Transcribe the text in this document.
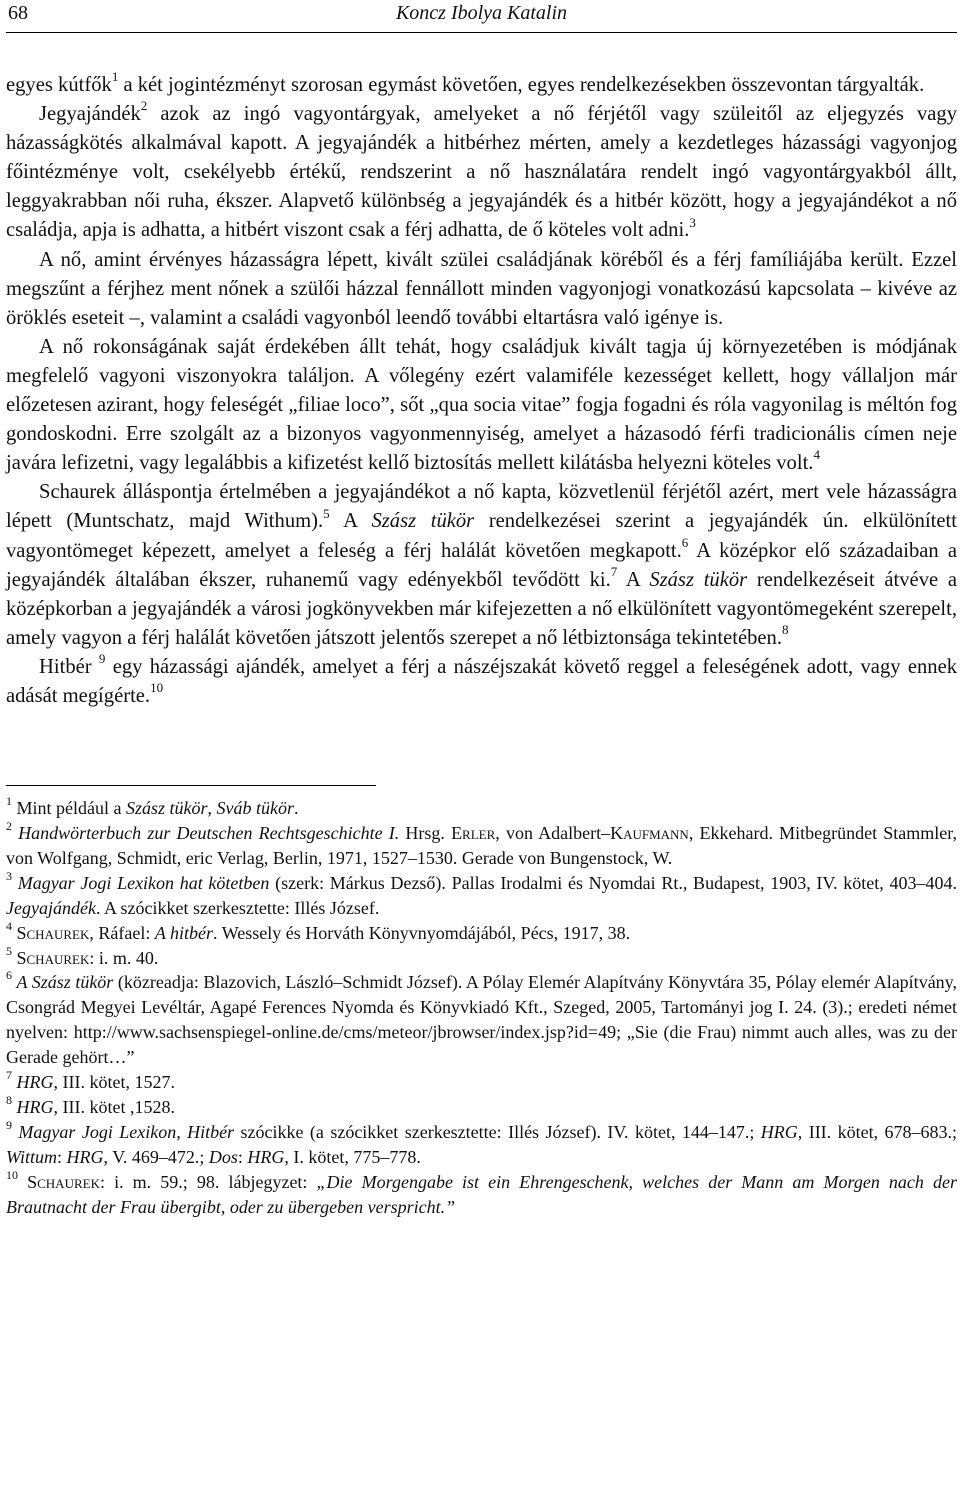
68	Koncz Ibolya Katalin

egyes kútfők$^1$ a két jogintézményt szorosan egymást követően, egyes rendelkezésekben összevontan tárgyalták.

Jegyajándék$^2$ azok az ingó vagyontárgyak, amelyeket a nő férjétől vagy szüleitől az eljegyzés vagy házasságkötés alkalmával kapott. A jegyajándék a hitbérhez mérten, amely a kezdetleges házassági vagyonjog főintézménye volt, csekélyebb értékű, rendszerint a nő használatára rendelt ingó vagyontárgyakból állt, leggyakrabban női ruha, ékszer. Alapvető különbség a jegyajándék és a hitbér között, hogy a jegyajándékot a nő családja, apja is adhatta, a hitbért viszont csak a férj adhatta, de ő köteles volt adni.$^3$

A nő, amint érvényes házasságra lépett, kivált szülei családjának köréből és a férj famíliájába került. Ezzel megszűnt a férjhez ment nőnek a szülői házzal fennállott minden vagyonjogi vonatkozású kapcsolata – kivéve az öröklés eseteit –, valamint a családi vagyonból leendő további eltartásra való igénye is.

A nő rokonságának saját érdekében állt tehát, hogy családjuk kivált tagja új környezetében is módjának megfelelő vagyoni viszonyokra találjon. A vőlegény ezért valamiféle kezességet kellett, hogy vállaljon már előzetesen azirant, hogy feleségét „filiae loco”, sőt „qua socia vitae” fogja fogadni és róla vagyonilag is méltón fog gondoskodni. Erre szolgált az a bizonyos vagyonmennyiség, amelyet a házasodó férfi tradicionális címen neje javára lefizetni, vagy legalábbis a kifizetést kellő biztosítás mellett kilátásba helyezni köteles volt.$^4$

Schaurek álláspontja értelmében a jegyajándékot a nő kapta, közvetlenül férjétől azért, mert vele házasságra lépett (Muntschatz, majd Withum).$^5$ A Szász tükör rendelkezései szerint a jegyajándék ún. elkülönített vagyontömeget képezett, amelyet a feleség a férj halálát követően megkapott.$^6$ A középkor elő századaiban a jegyajándék általában ékszer, ruhanemű vagy edényekből tevődött ki.$^7$ A Szász tükör rendelkezéseit átvéve a középkorban a jegyajándék a városi jogkönyvekben már kifejezetten a nő elkülönített vagyontömegeként szerepelt, amely vagyon a férj halálát követően játszott jelentős szerepet a nő létbiztonsága tekintetében.$^8$

Hitbér $^9$ egy házassági ajándék, amelyet a férj a nászéjszakát követő reggel a feleségének adott, vagy ennek adását megígérte.$^{10}$

$^1$ Mint például a Szász tükör, Sváb tükör.
$^2$ Handwörterbuch zur Deutschen Rechtsgeschichte I. Hrsg. Erler, von Adalbert–Kaufmann, Ekkehard. Mitbegründet Stammler, von Wolfgang, Schmidt, eric Verlag, Berlin, 1971, 1527–1530. Gerade von Bungenstock, W.
$^3$ Magyar Jogi Lexikon hat kötetben (szerk: Márkus Dezső). Pallas Irodalmi és Nyomdai Rt., Budapest, 1903, IV. kötet, 403–404. Jegyajándék. A szócikket szerkesztette: Illés József.
$^4$ Schaurek, Ráfael: A hitbér. Wessely és Horváth Könyvnyomdájából, Pécs, 1917, 38.
$^5$ Schaurek: i. m. 40.
$^6$ A Szász tükör (közreadja: Blazovich, László–Schmidt József). A Pólay Elemér Alapítvány Könyvtára 35, Pólay elemér Alapítvány, Csongrád Megyei Levéltár, Agapé Ferences Nyomda és Könyvkiadó Kft., Szeged, 2005, Tartományi jog I. 24. (3).; eredeti német nyelven: http://www.sachsenspiegel-online.de/cms/meteor/jbrowser/index.jsp?id=49; „Sie (die Frau) nimmt auch alles, was zu der Gerade gehört…”
$^7$ HRG, III. kötet, 1527.
$^8$ HRG, III. kötet ,1528.
$^9$ Magyar Jogi Lexikon, Hitbér szócikke (a szócikket szerkesztette: Illés József). IV. kötet, 144–147.; HRG, III. kötet, 678–683.; Wittum: HRG, V. 469–472.; Dos: HRG, I. kötet, 775–778.
$^{10}$ Schaurek: i. m. 59.; 98. lábjegyzet: „Die Morgengabe ist ein Ehrengeschenk, welches der Mann am Morgen nach der Brautnacht der Frau übergibt, oder zu übergeben verspricht.”
